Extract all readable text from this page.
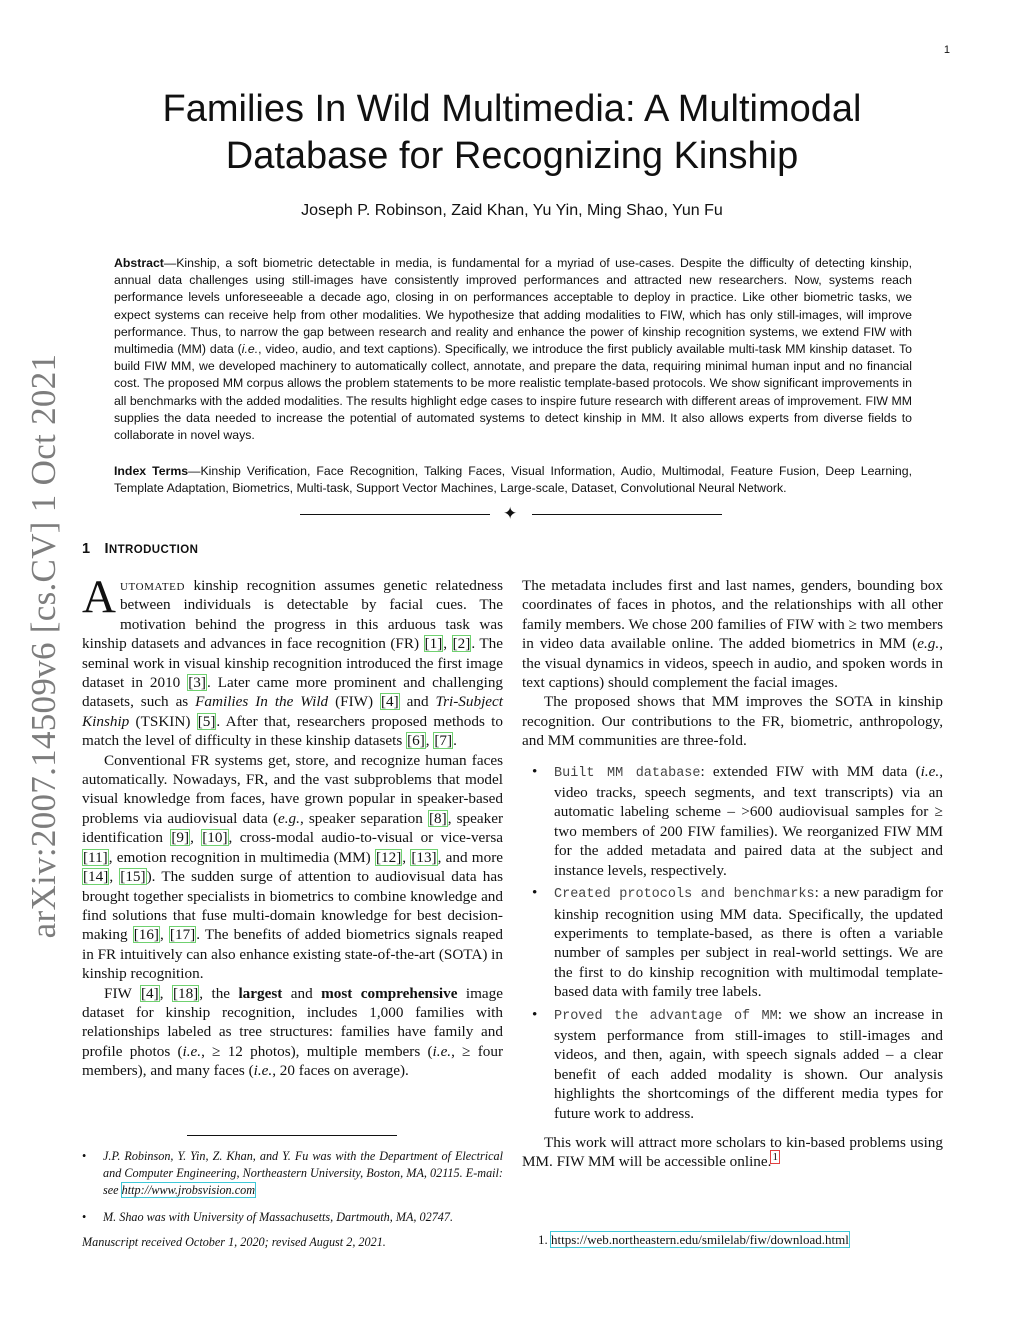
1
arXiv:2007.14509v6 [cs.CV] 1 Oct 2021
Families In Wild Multimedia: A Multimodal
Database for Recognizing Kinship
Joseph P. Robinson, Zaid Khan, Yu Yin, Ming Shao, Yun Fu
Abstract—Kinship, a soft biometric detectable in media, is fundamental for a myriad of use-cases. Despite the difficulty of detecting kinship, annual data challenges using still-images have consistently improved performances and attracted new researchers. Now, systems reach performance levels unforeseeable a decade ago, closing in on performances acceptable to deploy in practice. Like other biometric tasks, we expect systems can receive help from other modalities. We hypothesize that adding modalities to FIW, which has only still-images, will improve performance. Thus, to narrow the gap between research and reality and enhance the power of kinship recognition systems, we extend FIW with multimedia (MM) data (i.e., video, audio, and text captions). Specifically, we introduce the first publicly available multi-task MM kinship dataset. To build FIW MM, we developed machinery to automatically collect, annotate, and prepare the data, requiring minimal human input and no financial cost. The proposed MM corpus allows the problem statements to be more realistic template-based protocols. We show significant improvements in all benchmarks with the added modalities. The results highlight edge cases to inspire future research with different areas of improvement. FIW MM supplies the data needed to increase the potential of automated systems to detect kinship in MM. It also allows experts from diverse fields to collaborate in novel ways.
Index Terms—Kinship Verification, Face Recognition, Talking Faces, Visual Information, Audio, Multimodal, Feature Fusion, Deep Learning, Template Adaptation, Biometrics, Multi-task, Support Vector Machines, Large-scale, Dataset, Convolutional Neural Network.
✦
1 INTRODUCTION

Automated kinship recognition assumes genetic relatedness between individuals is detectable by facial cues. The motivation behind the progress in this arduous task was kinship datasets and advances in face recognition (FR) [1], [2]. The seminal work in visual kinship recognition introduced the first image dataset in 2010 [3]. Later came more prominent and challenging datasets, such as Families In the Wild (FIW) [4] and Tri-Subject Kinship (TSKIN) [5]. After that, researchers proposed methods to match the level of difficulty in these kinship datasets [6], [7].

Conventional FR systems get, store, and recognize human faces automatically. Nowadays, FR, and the vast subproblems that model visual knowledge from faces, have grown popular in speaker-based problems via audiovisual data (e.g., speaker separation [8], speaker identification [9], [10], cross-modal audio-to-visual or vice-versa [11], emotion recognition in multimedia (MM) [12], [13], and more [14], [15]). The sudden surge of attention to audiovisual data has brought together specialists in biometrics to combine knowledge and find solutions that fuse multi-domain knowledge for best decision-making [16], [17]. The benefits of added biometrics signals reaped in FR intuitively can also enhance existing state-of-the-art (SOTA) in kinship recognition.

FIW [4], [18], the largest and most comprehensive image dataset for kinship recognition, includes 1,000 families with relationships labeled as tree structures: families have family and profile photos (i.e., ≥ 12 photos), multiple members (i.e., ≥ four members), and many faces (i.e., 20 faces on average).

The metadata includes first and last names, genders, bounding box coordinates of faces in photos, and the relationships with all other family members. We chose 200 families of FIW with ≥ two members in video data available online. The added biometrics in MM (e.g., the visual dynamics in videos, speech in audio, and spoken words in text captions) should complement the facial images.

The proposed shows that MM improves the SOTA in kinship recognition. Our contributions to the FR, biometric, anthropology, and MM communities are three-fold.

• Built MM database: extended FIW with MM data (i.e., video tracks, speech segments, and text transcripts) via an automatic labeling scheme – >600 audiovisual samples for ≥ two members of 200 FIW families). We reorganized FIW MM for the added metadata and paired data at the subject and instance levels, respectively.
• Created protocols and benchmarks: a new paradigm for kinship recognition using MM data. Specifically, the updated experiments to template-based, as there is often a variable number of samples per subject in real-world settings. We are the first to do kinship recognition with multimodal template-based data with family tree labels.
• Proved the advantage of MM: we show an increase in system performance from still-images to still-images and videos, and then, again, with speech signals added – a clear benefit of each added modality is shown. Our analysis highlights the shortcomings of the different media types for future work to address.

This work will attract more scholars to kin-based problems using MM. FIW MM will be accessible online.$^1$

• J.P. Robinson, Y. Yin, Z. Khan, and Y. Fu was with the Department of Electrical and Computer Engineering, Northeastern University, Boston, MA, 02115. E-mail: see http://www.jrobsvision.com
• M. Shao was with University of Massachusetts, Dartmouth, MA, 02747.
Manuscript received October 1, 2020; revised August 2, 2021.	1. https://web.northeastern.edu/smilelab/fiw/download.html
